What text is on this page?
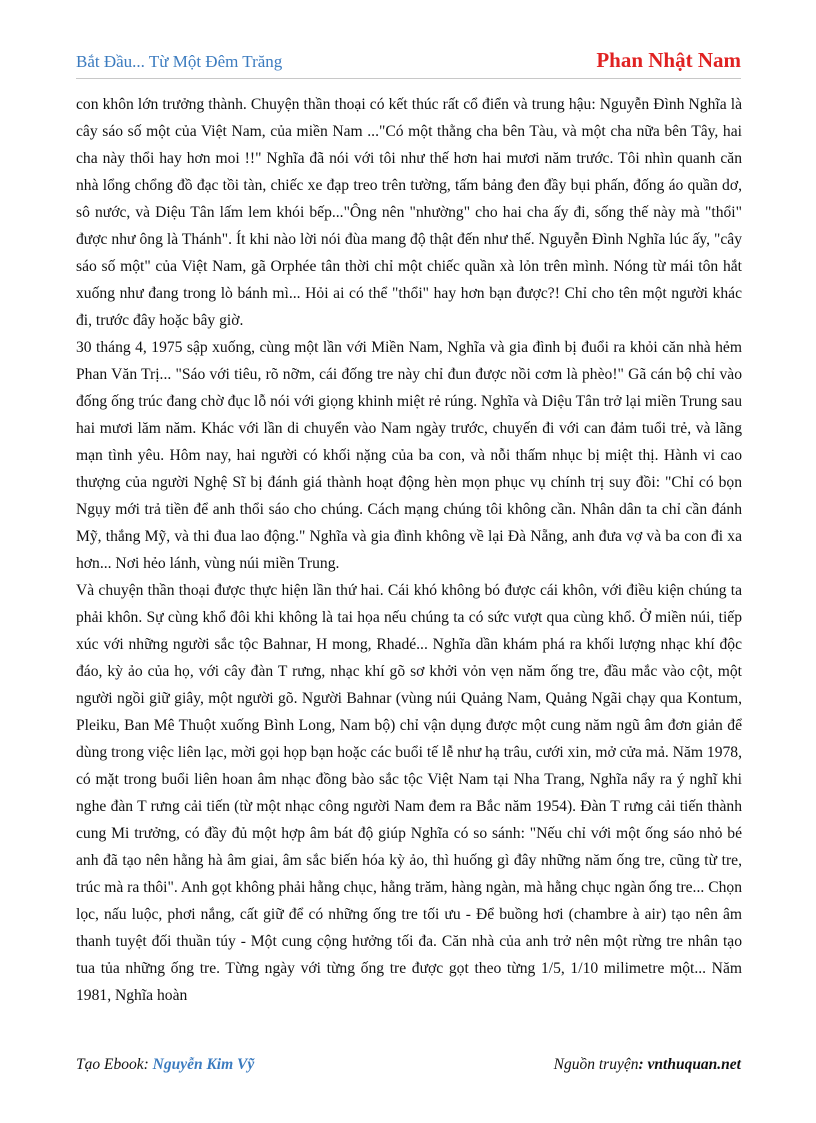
Bắt Đầu... Từ Một Đêm Trăng	Phan Nhật Nam

con khôn lớn trưởng thành. Chuyện thần thoại có kết thúc rất cổ điển và trung hậu: Nguyễn Đình Nghĩa là cây sáo số một của Việt Nam, của miền Nam ..."Có một thằng cha bên Tàu, và một cha nữa bên Tây, hai cha này thổi hay hơn moi !!" Nghĩa đã nói với tôi như thế hơn hai mươi năm trước. Tôi nhìn quanh căn nhà lổng chổng đồ đạc tồi tàn, chiếc xe đạp treo trên tường, tấm bảng đen đầy bụi phấn, đống áo quần dơ, sô nước, và Diệu Tân lấm lem khói bếp..."Ông nên "nhường" cho hai cha ấy đi, sống thế này mà "thổi" được như ông là Thánh". Ít khi nào lời nói đùa mang độ thật đến như thế. Nguyễn Đình Nghĩa lúc ấy, "cây sáo số một" của Việt Nam, gã Orphée tân thời chỉ một chiếc quần xà lỏn trên mình. Nóng từ mái tôn hắt xuống như đang trong lò bánh mì... Hỏi ai có thể "thổi" hay hơn bạn được?! Chỉ cho tên một người khác đi, trước đây hoặc bây giờ.

30 tháng 4, 1975 sập xuống, cùng một lần với Miền Nam, Nghĩa và gia đình bị đuổi ra khỏi căn nhà hẻm Phan Văn Trị... "Sáo với tiêu, rõ nỡm, cái đống tre này chỉ đun được nồi cơm là phèo!" Gã cán bộ chỉ vào đống ống trúc đang chờ đục lỗ nói với giọng khinh miệt rẻ rúng. Nghĩa và Diệu Tân trở lại miền Trung sau hai mươi lăm năm. Khác với lần di chuyển vào Nam ngày trước, chuyến đi với can đảm tuổi trẻ, và lãng mạn tình yêu. Hôm nay, hai người có khối nặng của ba con, và nỗi thấm nhục bị miệt thị. Hành vi cao thượng của người Nghệ Sĩ bị đánh giá thành hoạt động hèn mọn phục vụ chính trị suy đồi: "Chỉ có bọn Ngụy mới trả tiền để anh thổi sáo cho chúng. Cách mạng chúng tôi không cần. Nhân dân ta chỉ cần đánh Mỹ, thắng Mỹ, và thi đua lao động." Nghĩa và gia đình không về lại Đà Nẵng, anh đưa vợ và ba con đi xa hơn... Nơi hẻo lánh, vùng núi miền Trung.

Và chuyện thần thoại được thực hiện lần thứ hai. Cái khó không bó được cái khôn, với điều kiện chúng ta phải khôn. Sự cùng khổ đôi khi không là tai họa nếu chúng ta có sức vượt qua cùng khổ. Ở miền núi, tiếp xúc với những người sắc tộc Bahnar, H mong, Rhadé... Nghĩa dần khám phá ra khối lượng nhạc khí độc đáo, kỳ ảo của họ, với cây đàn T rưng, nhạc khí gõ sơ khởi vỏn vẹn năm ống tre, đầu mắc vào cột, một người ngồi giữ giây, một người gõ. Người Bahnar (vùng núi Quảng Nam, Quảng Ngãi chạy qua Kontum, Pleiku, Ban Mê Thuột xuống Bình Long, Nam bộ) chỉ vận dụng được một cung năm ngũ âm đơn giản để dùng trong việc liên lạc, mời gọi họp bạn hoặc các buổi tế lễ như hạ trâu, cưới xin, mở cửa mả. Năm 1978, có mặt trong buổi liên hoan âm nhạc đồng bào sắc tộc Việt Nam tại Nha Trang, Nghĩa nẩy ra ý nghĩ khi nghe đàn T rưng cải tiến (từ một nhạc công người Nam đem ra Bắc năm 1954). Đàn T rưng cải tiến thành cung Mi trưởng, có đầy đủ một hợp âm bát độ giúp Nghĩa có so sánh: "Nếu chỉ với một ống sáo nhỏ bé anh đã tạo nên hằng hà âm giai, âm sắc biến hóa kỳ ảo, thì huống gì đây những năm ống tre, cũng từ tre, trúc mà ra thôi". Anh gọt không phải hằng chục, hằng trăm, hàng ngàn, mà hằng chục ngàn ống tre... Chọn lọc, nấu luộc, phơi nắng, cất giữ để có những ống tre tối ưu - Để buồng hơi (chambre à air) tạo nên âm thanh tuyệt đối thuần túy - Một cung cộng hưởng tối đa. Căn nhà của anh trở nên một rừng tre nhân tạo tua tủa những ống tre. Từng ngày với từng ống tre được gọt theo từng 1/5, 1/10 milimetre một... Năm 1981, Nghĩa hoàn

Tạo Ebook: Nguyễn Kim Vỹ	Nguồn truyện: vnthuquan.net
